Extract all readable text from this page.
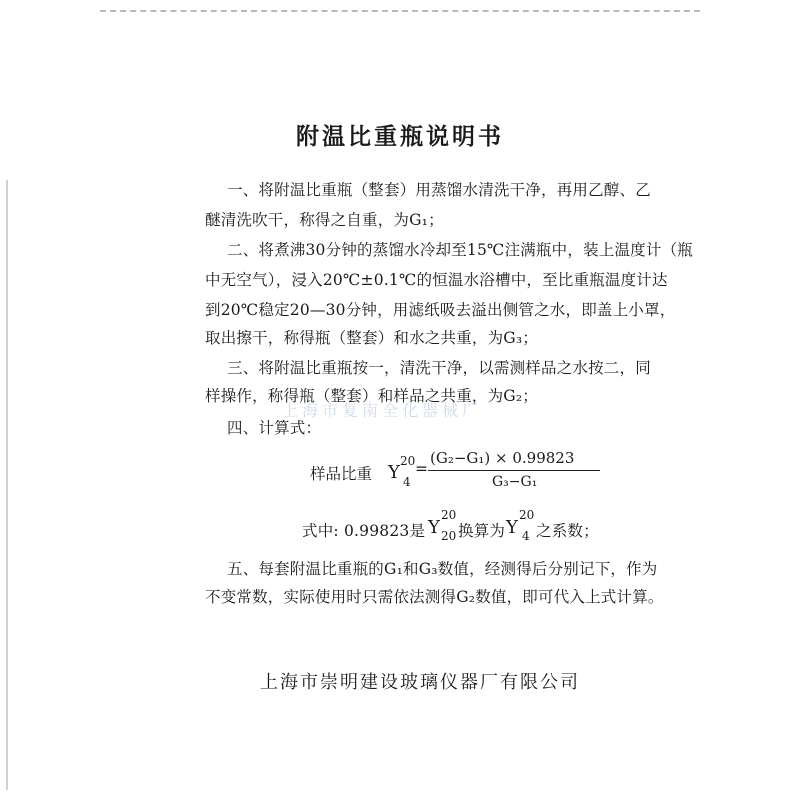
附温比重瓶说明书
一、将附温比重瓶（整套）用蒸馏水清洗干净，再用乙醇、乙
醚清洗吹干，称得之自重，为G₁；
二、将煮沸30分钟的蒸馏水冷却至15℃注满瓶中，装上温度计（瓶
中无空气），浸入20℃±0.1℃的恒温水浴槽中，至比重瓶温度计达
到20℃稳定20—30分钟，用滤纸吸去溢出侧管之水，即盖上小罩，
取出擦干，称得瓶（整套）和水之共重，为G₃；
三、将附温比重瓶按一，清洗干净，以需测样品之水按二，同
样操作，称得瓶（整套）和样品之共重，为G₂；
上海市复南全化器械厂
四、计算式：
样品比重 Y
20
4
=
(G₂−G₁) × 0.99823
G₃−G₁
式中: 0.99823是 Y
20
20 换算为 Y
20
4 之系数；
五、每套附温比重瓶的G₁和G₃数值，经测得后分别记下，作为
不变常数，实际使用时只需依法测得G₂数值，即可代入上式计算。
上海市崇明建设玻璃仪器厂有限公司
